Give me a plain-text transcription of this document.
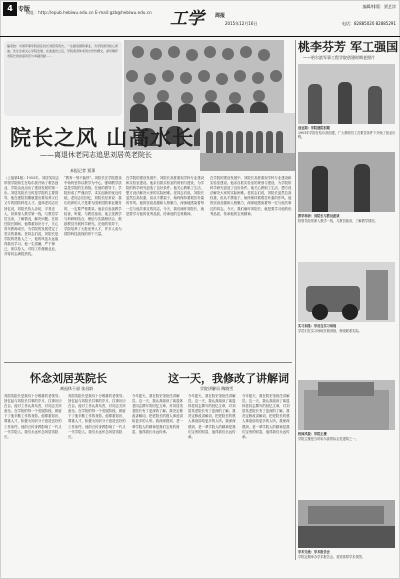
4 专版
网址：http://epub.hebiwu.edu.cn E-mail:gzb@hebiwu.edu.cn 工学 周报
2015年12月16日
编辑/排版：贾艺淳
电话：82885020 82885291
编者按：中国军事学院首任校长刘居英同志，一生献身国防事业，为学院建设呕心沥血。先生生前关心学院发展，在他逝世之后，学院离退休老同志纷纷撰文，深切缅怀老院长的崇高风范与卓越贡献……
院长之风 山高水长
——离退休老同志追思刘居英老院长
本报记者 贾萧
（上接第4版）1953年，刘居英同志带领学院师生在哈尔滨开始了艰苦创业，学院由此迈出了建设发展的第一步。刘居英院长当时是学院的主要领导，他在建院初期就提出要培养又红又专的国防科技人才。退休老同志们回忆说，刘院长待人亲切，平易近人，常常深入教学第一线，与教员学员交谈，了解情况，解决问题。在担任院长期间，他尊重知识分子，关心青年教师成长，为学院的发展奠定了坚实的基础。老同志们说，刘院长是学院的奠基人之一，他的风范永远值得我们学习。他一生清廉，严于律己，宽以待人，对待工作兢兢业业，对待同志满腔热忱。
“教育一刻不能停”。刘院长在学院建设中始终坚持以教学为中心，强调教学质量是学院的生命线。在他的倡导下，学院形成了严谨治学、求实创新的优良传统。老同志们回忆，刘院长经常说：我们培养的人才是要为国家国防事业服务的，一定要严格要求。他亲自参加教学检查，听课，与教员座谈。他主张教学与科研相结合，理论与实践相结合，鼓励教员开展科学研究。在他的领导下，学院培养了大批优秀人才，许多人成为国防科技战线的骨干力量。
在学院的建设发展中，刘院长高度重视学科专业建设和实验室建设。他亲自抓实验室的规划与建设，为学院的科学研究创造了良好条件。他关心教职工生活，想方设法解决大家的实际困难。老同志们说，刘院长虽然位高权重，但从不摆架子，始终保持着艰苦朴素的作风。他的崇高品德和人格魅力，深深地感染着每一位与他共事过的同志。今天，我们缅怀刘院长，就是要学习他的优秀品质，传承他的宝贵精神。
在学院的建设发展中，刘院长高度重视学科专业建设和实验室建设。他亲自抓实验室的规划与建设，为学院的科学研究创造了良好条件。他关心教职工生活，想方设法解决大家的实际困难。老同志们说，刘院长虽然位高权重，但从不摆架子，始终保持着艰苦朴素的作风。他的崇高品德和人格魅力，深深地感染着每一位与他共事过的同志。今天，我们缅怀刘院长，就是要学习他的优秀品质，传承他的宝贵精神。
怀念刘居英院长
离退休干部 张昌龄
刘居英院长是我们十分敬重的老领导。回忆起与刘院长共事的岁月，往事历历在目。他对工作认真负责，对同志关怀备至。在学院的每一个发展阶段，都留下了他辛勤工作的身影。他尊重知识、尊重人才，积极为知识分子创造良好的工作条件。他的言传身教影响了一代又一代学院人。我们永远怀念刘居英院长。
刘居英院长是我们十分敬重的老领导。回忆起与刘院长共事的岁月，往事历历在目。他对工作认真负责，对同志关怀备至。在学院的每一个发展阶段，都留下了他辛勤工作的身影。他尊重知识、尊重人才，积极为知识分子创造良好的工作条件。他的言传身教影响了一代又一代学院人。我们永远怀念刘居英院长。
这一天，我修改了讲解词
学院讲解员 陶晓雪
今年夏天，我在院史馆担任讲解员。这一天，我认真阅读了离退休老同志撰写的回忆文章，对刘居英老院长有了更深的了解。我决定修改讲解词，把老院长的感人事迹讲给更多的人听。我深深感到，老一辈学院人的精神是我们宝贵的财富，值得我们永远传承。
今年夏天，我在院史馆担任讲解员。这一天，我认真阅读了离退休老同志撰写的回忆文章，对刘居英老院长有了更深的了解。我决定修改讲解词，把老院长的感人事迹讲给更多的人听。我深深感到，老一辈学院人的精神是我们宝贵的财富，值得我们永远传承。
今年夏天，我在院史馆担任讲解员。这一天，我认真阅读了离退休老同志撰写的回忆文章，对刘居英老院长有了更深的了解。我决定修改讲解词，把老院长的感人事迹讲给更多的人听。我深深感到，老一辈学院人的精神是我们宝贵的财富，值得我们永远传承。
桃李芬芳 军工强国
——哈尔滨军事工程学院创建时期老照片
创业期：学院建院初期
1953年学院在哈尔滨创建，广大教职员工在艰苦条件下开始了创业历程。
教学科研：刘院长与教员座谈
院领导经常深入教学一线，与教员座谈，了解教学情况。
实习训练：学员在实习场地
学员们在实习场地开展训练，理论联系实际。
校园风貌：学院主楼
学院主楼是当时哈尔滨的标志性建筑之一。
学术交流：学术报告会
学院定期举办学术报告会，营造浓厚学术氛围。
